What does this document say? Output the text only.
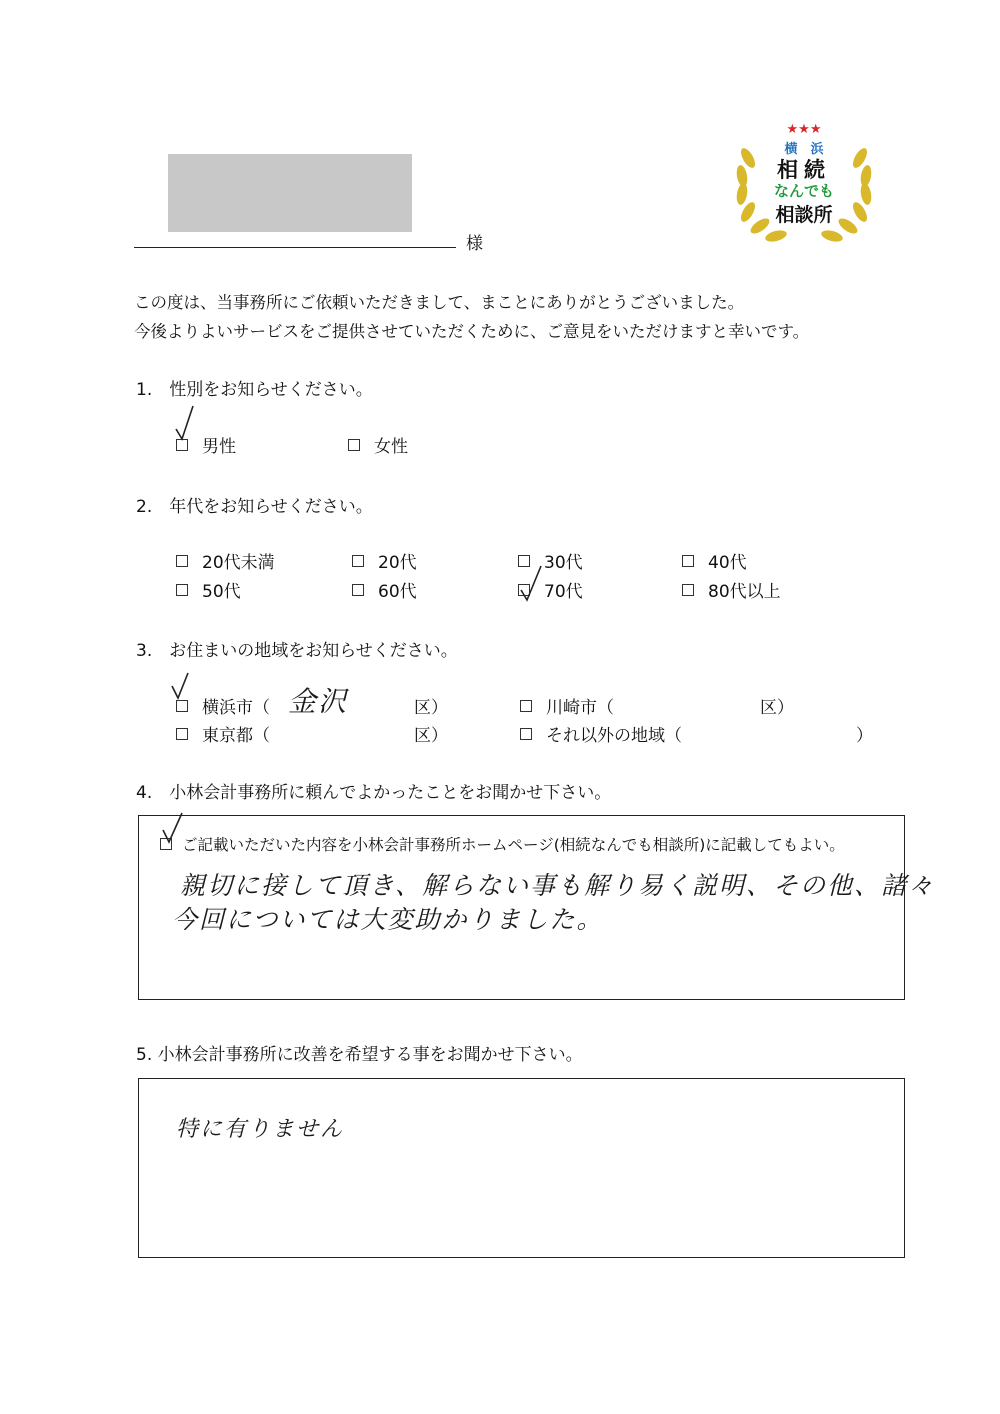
様
★★★
横　浜
相続
なんでも
相談所
この度は、当事務所にご依頼いただきまして、まことにありがとうございました。
今後よりよいサービスをご提供させていただくために、ご意見をいただけますと幸いです。
1.　性別をお知らせください。
男性	女性
2.　年代をお知らせください。
20代未満	20代	30代	40代
50代	60代	70代	80代以上
3.　お住まいの地域をお知らせください。
横浜市（ 金沢	区）	川崎市（	区）
東京都（	区）	それ以外の地域（	）
4.　小林会計事務所に頼んでよかったことをお聞かせ下さい。
ご記載いただいた内容を小林会計事務所ホームページ(相続なんでも相談所)に記載してもよい。
親切に接して頂き、解らない事も解り易く説明、その他、諸々
今回については大変助かりました。
5. 小林会計事務所に改善を希望する事をお聞かせ下さい。
特に有りません
